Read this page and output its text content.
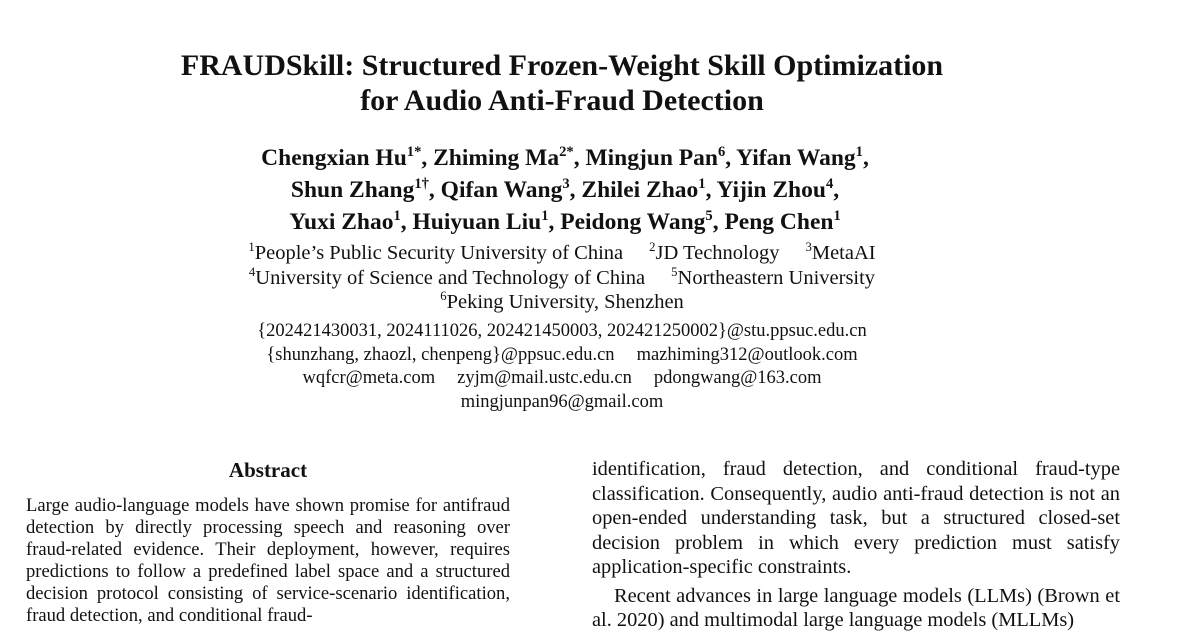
FRAUDSkill: Structured Frozen-Weight Skill Optimization
for Audio Anti-Fraud Detection
Chengxian $Hu^{1*}$, Zhiming $Ma^{2*}$, Mingjun Pan$^6$, Yifan Wang$^1$,
Shun Zhang$^{1\dagger}$, Qifan Wang$^3$, Zhilei Zhao$^1$, Yijin Zhou$^4$,
Yuxi Zhao$^1$, Huiyuan Liu$^1$, Peidong Wang$^5$, Peng Chen$^1$
$^1$People’s Public Security University of China $^2$JD Technology $^3$MetaAI
$^4$University of Science and Technology of China $^5$Northeastern University
$^6$Peking University, Shenzhen
{202421430031, 2024111026, 202421450003, 202421250002}@stu.ppsuc.edu.cn
{shunzhang, zhaozl, chenpeng}@ppsuc.edu.cn mazhiming312@outlook.com
wqfcr@meta.com zyjm@mail.ustc.edu.cn pdongwang@163.com
mingjunpan96@gmail.com
Abstract
Large audio-language models have shown promise for antifraud detection by directly processing speech and reasoning over fraud-related evidence. Their deployment, however, requires predictions to follow a predefined label space and a structured decision protocol consisting of service-scenario identification, fraud detection, and conditional fraud-

identification, fraud detection, and conditional fraud-type classification. Consequently, audio anti-fraud detection is not an open-ended understanding task, but a structured closed-set decision problem in which every prediction must satisfy application-specific constraints.

Recent advances in large language models (LLMs) (Brown et al. 2020) and multimodal large language models (MLLMs)
